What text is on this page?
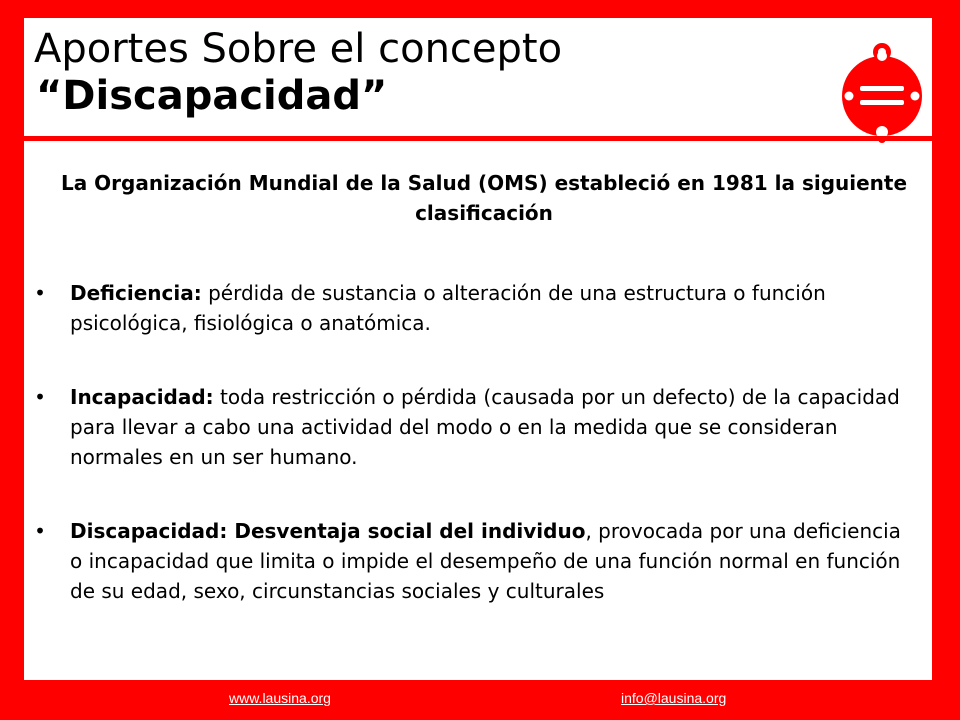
Aportes Sobre el concepto
“Discapacidad”
La Organización Mundial de la Salud (OMS) estableció en 1981 la siguiente clasificación
• Deficiencia: pérdida de sustancia o alteración de una estructura o función psicológica, fisiológica o anatómica.
• Incapacidad: toda restricción o pérdida (causada por un defecto) de la capacidad para llevar a cabo una actividad del modo o en la medida que se consideran normales en un ser humano.
• Discapacidad: Desventaja social del individuo, provocada por una deficiencia o incapacidad que limita o impide el desempeño de una función normal en función de su edad, sexo, circunstancias sociales y culturales
www.lausina.org	info@lausina.org
